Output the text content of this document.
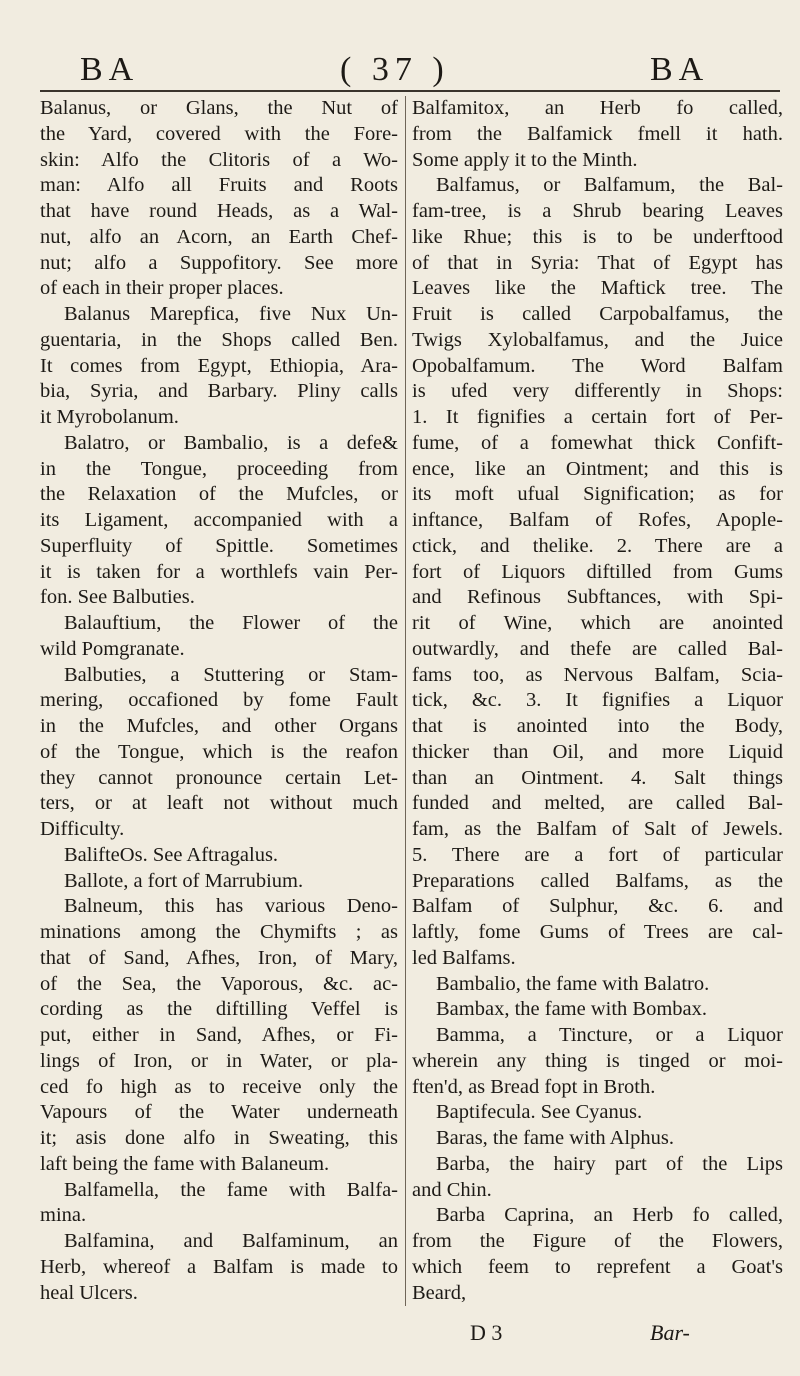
BA	( 37 )	BA
Balanus, or Glans, the Nut of
the Yard, covered with the Fore-
skin: Alfo the Clitoris of a Wo-
man: Alfo all Fruits and Roots
that have round Heads, as a Wal-
nut, alfo an Acorn, an Earth Chef-
nut; alfo a Suppofitory. See more
of each in their proper places.
Balanus Marepfica, five Nux Un-
guentaria, in the Shops called Ben.
It comes from Egypt, Ethiopia, Ara-
bia, Syria, and Barbary. Pliny calls
it Myrobolanum.
Balatro, or Bambalio, is a defe&
in the Tongue, proceeding from
the Relaxation of the Mufcles, or
its Ligament, accompanied with a
Superfluity of Spittle. Sometimes
it is taken for a worthlefs vain Per-
fon. See Balbuties.
Balauftium, the Flower of the
wild Pomgranate.
Balbuties, a Stuttering or Stam-
mering, occafioned by fome Fault
in the Mufcles, and other Organs
of the Tongue, which is the reafon
they cannot pronounce certain Let-
ters, or at leaft not without much
Difficulty.
BalifteOs. See Aftragalus.
Ballote, a fort of Marrubium.
Balneum, this has various Deno-
minations among the Chymifts ; as
that of Sand, Afhes, Iron, of Mary,
of the Sea, the Vaporous, &c. ac-
cording as the diftilling Veffel is
put, either in Sand, Afhes, or Fi-
lings of Iron, or in Water, or pla-
ced fo high as to receive only the
Vapours of the Water underneath
it; asis done alfo in Sweating, this
laft being the fame with Balaneum.
Balfamella, the fame with Balfa-
mina.
Balfamina, and Balfaminum, an
Herb, whereof a Balfam is made to
heal Ulcers.
Balfamitox, an Herb fo called,
from the Balfamick fmell it hath.
Some apply it to the Minth.
Balfamus, or Balfamum, the Bal-
fam-tree, is a Shrub bearing Leaves
like Rhue; this is to be underftood
of that in Syria: That of Egypt has
Leaves like the Maftick tree. The
Fruit is called Carpobalfamus, the
Twigs Xylobalfamus, and the Juice
Opobalfamum. The Word Balfam
is ufed very differently in Shops:
1. It fignifies a certain fort of Per-
fume, of a fomewhat thick Confift-
ence, like an Ointment; and this is
its moft ufual Signification; as for
inftance, Balfam of Rofes, Apople-
ctick, and thelike. 2. There are a
fort of Liquors diftilled from Gums
and Refinous Subftances, with Spi-
rit of Wine, which are anointed
outwardly, and thefe are called Bal-
fams too, as Nervous Balfam, Scia-
tick, &c. 3. It fignifies a Liquor
that is anointed into the Body,
thicker than Oil, and more Liquid
than an Ointment. 4. Salt things
funded and melted, are called Bal-
fam, as the Balfam of Salt of Jewels.
5. There are a fort of particular
Preparations called Balfams, as the
Balfam of Sulphur, &c. 6. and
laftly, fome Gums of Trees are cal-
led Balfams.
Bambalio, the fame with Balatro.
Bambax, the fame with Bombax.
Bamma, a Tincture, or a Liquor
wherein any thing is tinged or moi-
ften'd, as Bread fopt in Broth.
Baptifecula. See Cyanus.
Baras, the fame with Alphus.
Barba, the hairy part of the Lips
and Chin.
Barba Caprina, an Herb fo called,
from the Figure of the Flowers,
which feem to reprefent a Goat's
Beard,
D 3	Bar-
